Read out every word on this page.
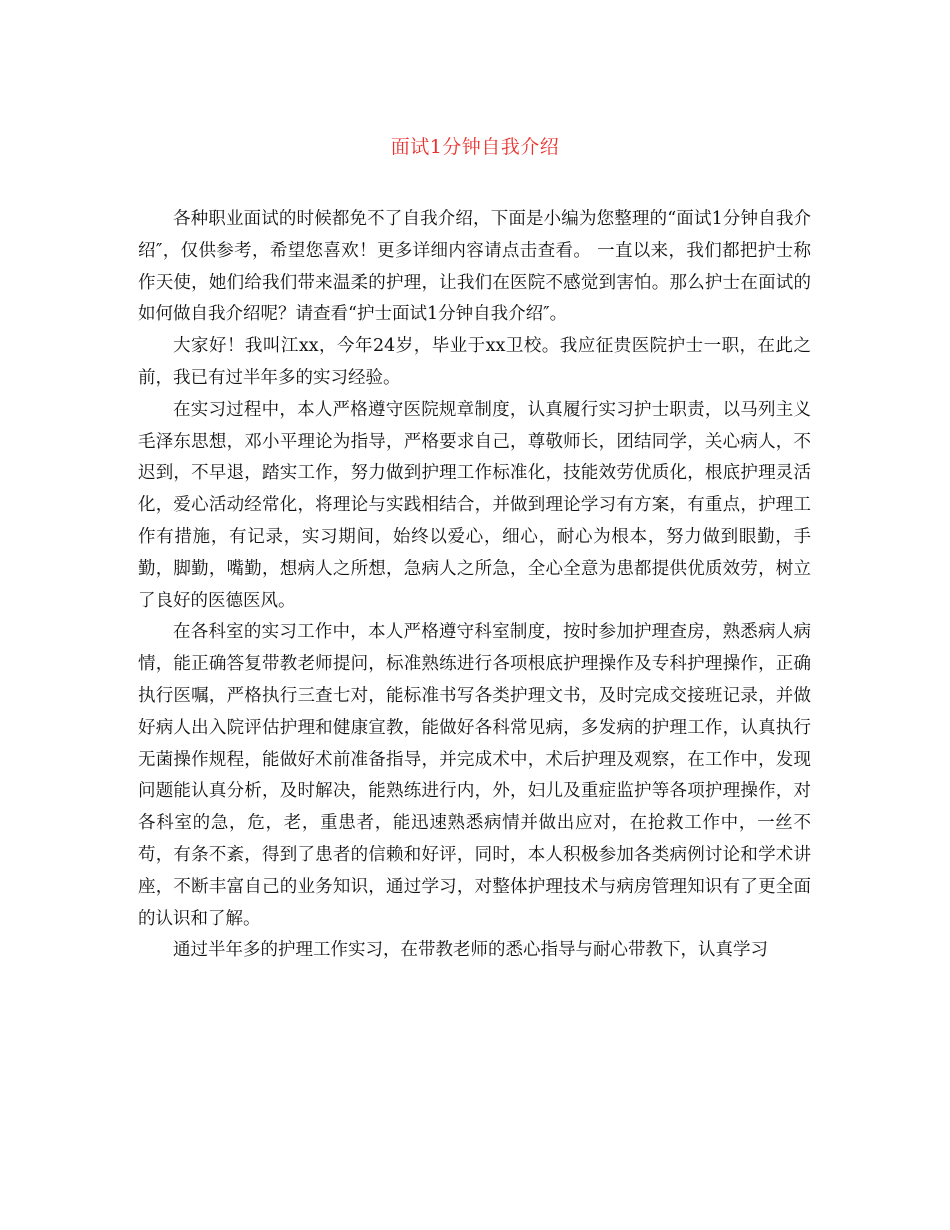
面试1分钟自我介绍

各种职业面试的时候都免不了自我介绍，下面是小编为您整理的“面试1分钟自我介绍″，仅供参考，希望您喜欢！更多详细内容请点击查看。 一直以来，我们都把护士称作天使，她们给我们带来温柔的护理，让我们在医院不感觉到害怕。那么护士在面试的如何做自我介绍呢？请查看“护士面试1分钟自我介绍″。

大家好！我叫江xx，今年24岁，毕业于xx卫校。我应征贵医院护士一职，在此之前，我已有过半年多的实习经验。

在实习过程中，本人严格遵守医院规章制度，认真履行实习护士职责，以马列主义毛泽东思想，邓小平理论为指导，严格要求自己，尊敬师长，团结同学，关心病人，不迟到，不早退，踏实工作，努力做到护理工作标准化，技能效劳优质化，根底护理灵活化，爱心活动经常化，将理论与实践相结合，并做到理论学习有方案，有重点，护理工作有措施，有记录，实习期间，始终以爱心，细心，耐心为根本，努力做到眼勤，手勤，脚勤，嘴勤，想病人之所想，急病人之所急，全心全意为患都提供优质效劳，树立了良好的医德医风。

在各科室的实习工作中，本人严格遵守科室制度，按时参加护理查房，熟悉病人病情，能正确答复带教老师提问，标准熟练进行各项根底护理操作及专科护理操作，正确执行医嘱，严格执行三查七对，能标准书写各类护理文书，及时完成交接班记录，并做好病人出入院评估护理和健康宣教，能做好各科常见病，多发病的护理工作，认真执行无菌操作规程，能做好术前准备指导，并完成术中，术后护理及观察，在工作中，发现问题能认真分析，及时解决，能熟练进行内，外，妇儿及重症监护等各项护理操作，对各科室的急，危，老，重患者，能迅速熟悉病情并做出应对，在抢救工作中，一丝不苟，有条不紊，得到了患者的信赖和好评，同时，本人积极参加各类病例讨论和学术讲座，不断丰富自己的业务知识，通过学习，对整体护理技术与病房管理知识有了更全面的认识和了解。

通过半年多的护理工作实习，在带教老师的悉心指导与耐心带教下，认真学习
